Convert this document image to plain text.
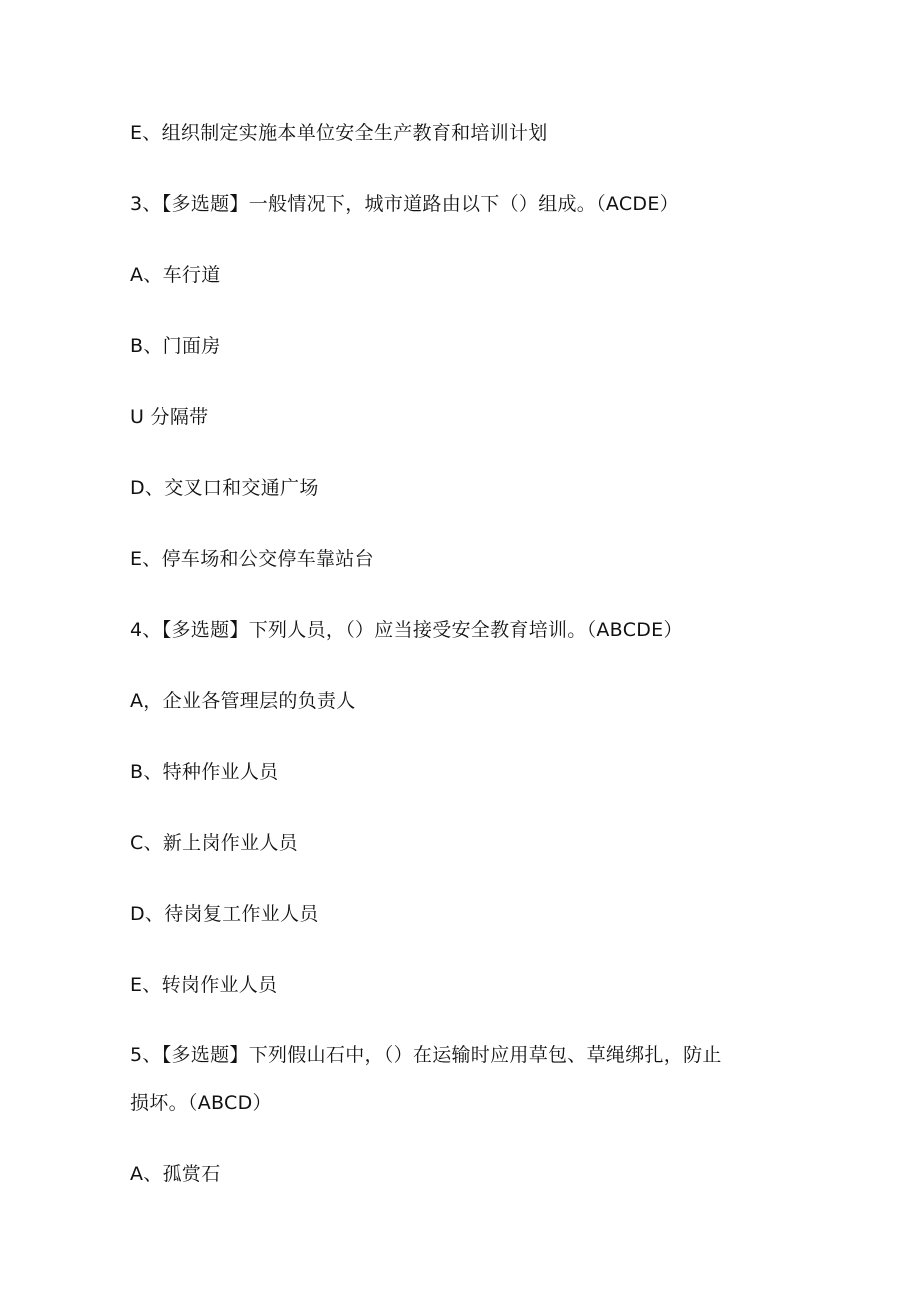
E、组织制定实施本单位安全生产教育和培训计划
3、【多选题】一般情况下，城市道路由以下（）组成。（ACDE）
A、车行道
B、门面房
U 分隔带
D、交叉口和交通广场
E、停车场和公交停车靠站台
4、【多选题】下列人员，（）应当接受安全教育培训。（ABCDE）
A，企业各管理层的负责人
B、特种作业人员
C、新上岗作业人员
D、待岗复工作业人员
E、转岗作业人员
5、【多选题】下列假山石中，（）在运输时应用草包、草绳绑扎，防止
损坏。（ABCD）
A、孤赏石
